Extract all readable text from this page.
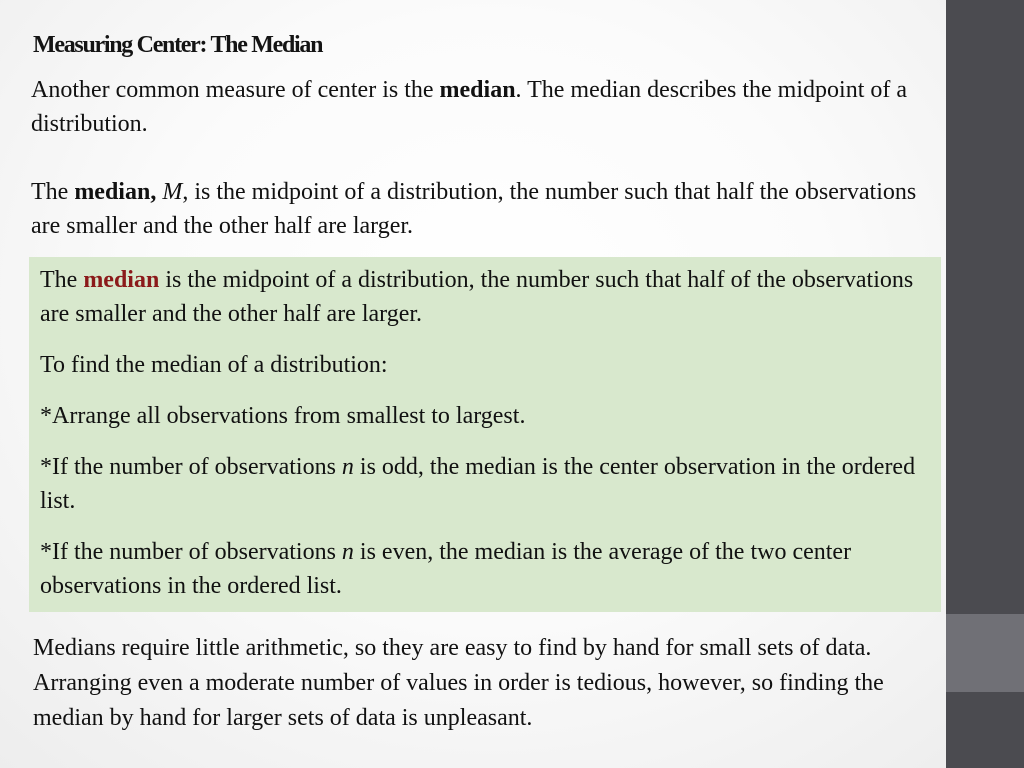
Measuring Center: The Median

Another common measure of center is the median. The median describes the midpoint of a distribution.

The median, M, is the midpoint of a distribution, the number such that half the observations are smaller and the other half are larger.

The median is the midpoint of a distribution, the number such that half of the observations are smaller and the other half are larger.

To find the median of a distribution:

*Arrange all observations from smallest to largest.

*If the number of observations n is odd, the median is the center observation in the ordered list.

*If the number of observations n is even, the median is the average of the two center observations in the ordered list.

Medians require little arithmetic, so they are easy to find by hand for small sets of data. Arranging even a moderate number of values in order is tedious, however, so finding the median by hand for larger sets of data is unpleasant.
